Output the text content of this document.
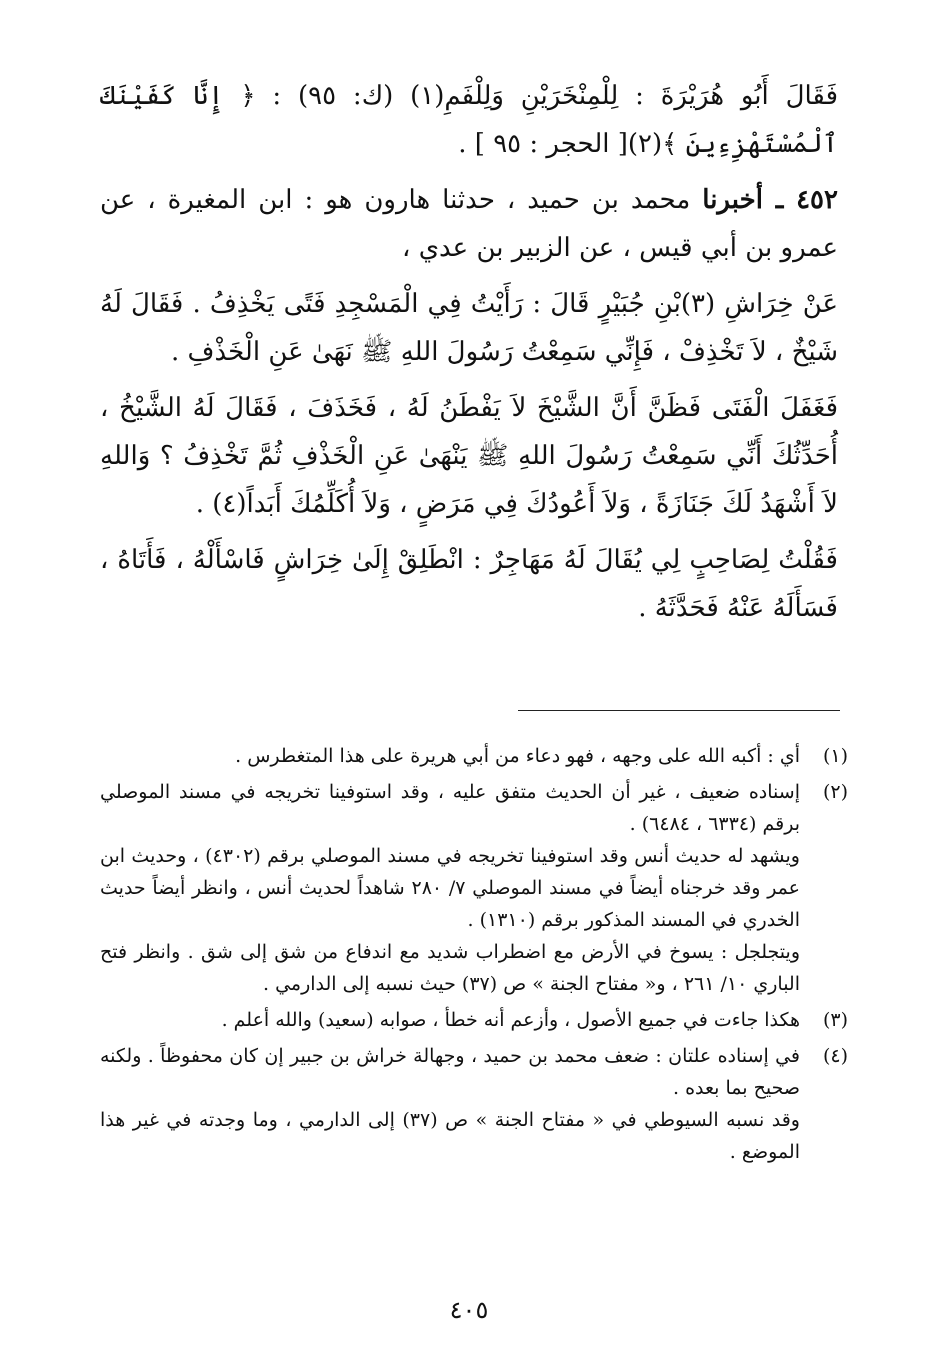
فَقَالَ أَبُو هُرَيْرَةَ : لِلْمِنْخَرَيْنِ وَلِلْفَمِ(١) (ك: ٩٥) : ﴿ إِنَّا كَفَيْنَكَ ٱلْمُسْتَهْزِءِينَ ﴾(٢)[ الحجر : ٩٥ ] .

٤٥٢ ـ أخبرنا محمد بن حميد ، حدثنا هارون هو : ابن المغيرة ، عن عمرو بن أبي قيس ، عن الزبير بن عدي ،

عَنْ خِرَاشِ (٣)بْنِ جُبَيْرٍ قَالَ : رَأَيْتُ فِي الْمَسْجِدِ فَتًى يَخْذِفُ . فَقَالَ لَهُ شَيْخٌ ، لاَ تَخْذِفْ ، فَإِنِّي سَمِعْتُ رَسُولَ اللهِ ﷺ نَهَىٰ عَنِ الْخَذْفِ .

فَغَفَلَ الْفَتَى فَظَنَّ أَنَّ الشَّيْخَ لاَ يَفْطَنُ لَهُ ، فَخَذَفَ ، فَقَالَ لَهُ الشَّيْخُ ، أُحَدِّثُكَ أَنِّي سَمِعْتُ رَسُولَ اللهِ ﷺ يَنْهَىٰ عَنِ الْخَذْفِ ثُمَّ تَخْذِفُ ؟ وَاللهِ لاَ أَشْهَدُ لَكَ جَنَازَةً ، وَلاَ أَعُودُكَ فِي مَرَضٍ ، وَلاَ أُكَلِّمُكَ أَبَداً(٤) .

فَقُلْتُ لِصَاحِبٍ لِي يُقَالَ لَهُ مَهَاجِرٌ : انْطَلِقْ إِلَىٰ خِرَاشٍ فَاسْأَلْهُ ، فَأَتَاهُ ، فَسَأَلَهُ عَنْهُ فَحَدَّثَهُ .

(١)

أي : أكبه الله على وجهه ، فهو دعاء من أبي هريرة على هذا المتغطرس .

(٢)

إسناده ضعيف ، غير أن الحديث متفق عليه ، وقد استوفينا تخريجه في مسند الموصلي برقم (٦٣٣٤ ، ٦٤٨٤) .

ويشهد له حديث أنس وقد استوفينا تخريجه في مسند الموصلي برقم (٤٣٠٢) ، وحديث ابن عمر وقد خرجناه أيضاً في مسند الموصلي ٧/ ٢٨٠ شاهداً لحديث أنس ، وانظر أيضاً حديث الخدري في المسند المذكور برقم (١٣١٠) .

ويتجلجل : يسوخ في الأرض مع اضطراب شديد مع اندفاع من شق إلى شق . وانظر فتح الباري ١٠/ ٢٦١ ، و« مفتاح الجنة » ص (٣٧) حيث نسبه إلى الدارمي .

(٣)

هكذا جاءت في جميع الأصول ، وأزعم أنه خطأ ، صوابه (سعيد) والله أعلم .

(٤)

في إسناده علتان : ضعف محمد بن حميد ، وجهالة خراش بن جبير إن كان محفوظاً . ولكنه صحيح بما بعده .

وقد نسبه السيوطي في « مفتاح الجنة » ص (٣٧) إلى الدارمي ، وما وجدته في غير هذا الموضع .

٤٠٥
